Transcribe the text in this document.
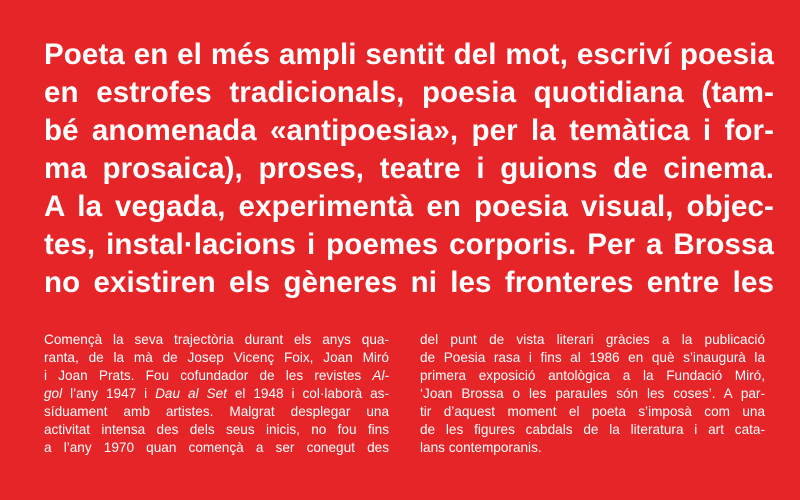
Poeta en el més ampli sentit del mot, escriví poesia
en estrofes tradicionals, poesia quotidiana (tam-
bé anomenada «antipoesia», per la temàtica i for-
ma prosaica), proses, teatre i guions de cinema.
A la vegada, experimentà en poesia visual, objec-
tes, instal·lacions i poemes corporis. Per a Brossa
no existiren els gèneres ni les fronteres entre les
Començà la seva trajectòria durant els anys qua-
ranta, de la mà de Josep Vicenç Foix, Joan Miró
i Joan Prats. Fou cofundador de les revistes Al-
gol l’any 1947 i Dau al Set el 1948 i col·laborà as-
síduament amb artistes. Malgrat desplegar una
activitat intensa des dels seus inicis, no fou fins
a l’any 1970 quan començà a ser conegut des
del punt de vista literari gràcies a la publicació
de Poesia rasa i fins al 1986 en què s’inaugurà la
primera exposició antològica a la Fundació Miró,
‘Joan Brossa o les paraules són les coses’. A par-
tir d’aquest moment el poeta s’imposà com una
de les figures cabdals de la literatura i art cata-
lans contemporanis.
